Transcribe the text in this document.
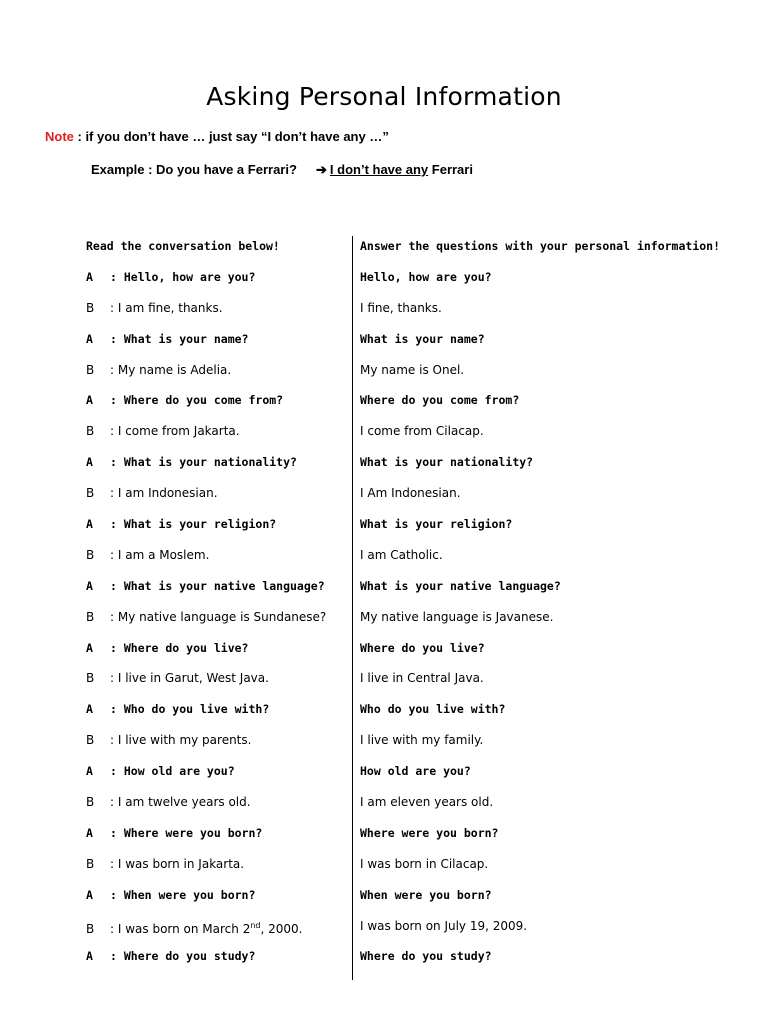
Asking Personal Information
Note : if you don’t have … just say “I don’t have any …”
Example : Do you have a Ferrari? ➔ I don’t have any Ferrari
Read the conversation below!
A : Hello, how are you?
B : I am fine, thanks.
A : What is your name?
B : My name is Adelia.
A : Where do you come from?
B : I come from Jakarta.
A : What is your nationality?
B : I am Indonesian.
A : What is your religion?
B : I am a Moslem.
A : What is your native language?
B : My native language is Sundanese?
A : Where do you live?
B : I live in Garut, West Java.
A : Who do you live with?
B : I live with my parents.
A : How old are you?
B : I am twelve years old.
A : Where were you born?
B : I was born in Jakarta.
A : When were you born?
B : I was born on March 2nd, 2000.
A : Where do you study?
Answer the questions with your personal information!
Hello, how are you?
I fine, thanks.
What is your name?
My name is Onel.
Where do you come from?
I come from Cilacap.
What is your nationality?
I Am Indonesian.
What is your religion?
I am Catholic.
What is your native language?
My native language is Javanese.
Where do you live?
I live in Central Java.
Who do you live with?
I live with my family.
How old are you?
I am eleven years old.
Where were you born?
I was born in Cilacap.
When were you born?
I was born on July 19, 2009.
Where do you study?
